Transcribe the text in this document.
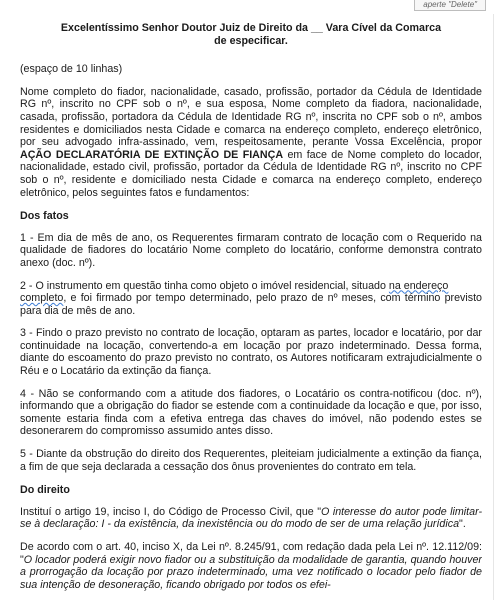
aperte "Delete"
Excelentíssimo Senhor Doutor Juiz de Direito da __ Vara Cível da Comarca
de especificar.

(espaço de 10 linhas)

Nome completo do fiador, nacionalidade, casado, profissão, portador da Cédula de Identidade RG nº, inscrito no CPF sob o nº, e sua esposa, Nome completo da fiadora, nacionalidade, casada, profissão, portadora da Cédula de Identidade RG nº, inscrita no CPF sob o nº, ambos residentes e domiciliados nesta Cidade e comarca na endereço completo, endereço eletrônico, por seu advogado infra-assinado, vem, respeitosamente, perante Vossa Excelência, propor AÇÃO DECLARATÓRIA DE EXTINÇÃO DE FIANÇA em face de Nome completo do locador, nacionalidade, estado civil, profissão, portador da Cédula de Identidade RG nº, inscrito no CPF sob o nº, residente e domiciliado nesta Cidade e comarca na endereço completo, endereço eletrônico, pelos seguintes fatos e fundamentos:

Dos fatos

1 - Em dia de mês de ano, os Requerentes firmaram contrato de locação com o Requerido na qualidade de fiadores do locatário Nome completo do locatário, conforme demonstra contrato anexo (doc. nº).

2 - O instrumento em questão tinha como objeto o imóvel residencial, situado na endereço
completo, e foi firmado por tempo determinado, pelo prazo de nº meses, com término previsto para dia de mês de ano.

3 - Findo o prazo previsto no contrato de locação, optaram as partes, locador e locatário, por dar continuidade na locação, convertendo-a em locação por prazo indeterminado. Dessa forma, diante do escoamento do prazo previsto no contrato, os Autores notificaram extrajudicialmente o Réu e o Locatário da extinção da fiança.

4 - Não se conformando com a atitude dos fiadores, o Locatário os contra-notificou (doc. nº), informando que a obrigação do fiador se estende com a continuidade da locação e que, por isso, somente estaria finda com a efetiva entrega das chaves do imóvel, não podendo estes se desonerarem do compromisso assumido antes disso.

5 - Diante da obstrução do direito dos Requerentes, pleiteiam judicialmente a extinção da fiança, a fim de que seja declarada a cessação dos ônus provenientes do contrato em tela.

Do direito

Instituí o artigo 19, inciso I, do Código de Processo Civil, que "O interesse do autor pode limitar-se à declaração: I - da existência, da inexistência ou do modo de ser de uma relação jurídica".

De acordo com o art. 40, inciso X, da Lei nº. 8.245/91, com redação dada pela Lei nº. 12.112/09: "O locador poderá exigir novo fiador ou a substituição da modalidade de garantia, quando houver a prorrogação da locação por prazo indeterminado, uma vez notificado o locador pelo fiador de sua intenção de desoneração, ficando obrigado por todos os efei-
